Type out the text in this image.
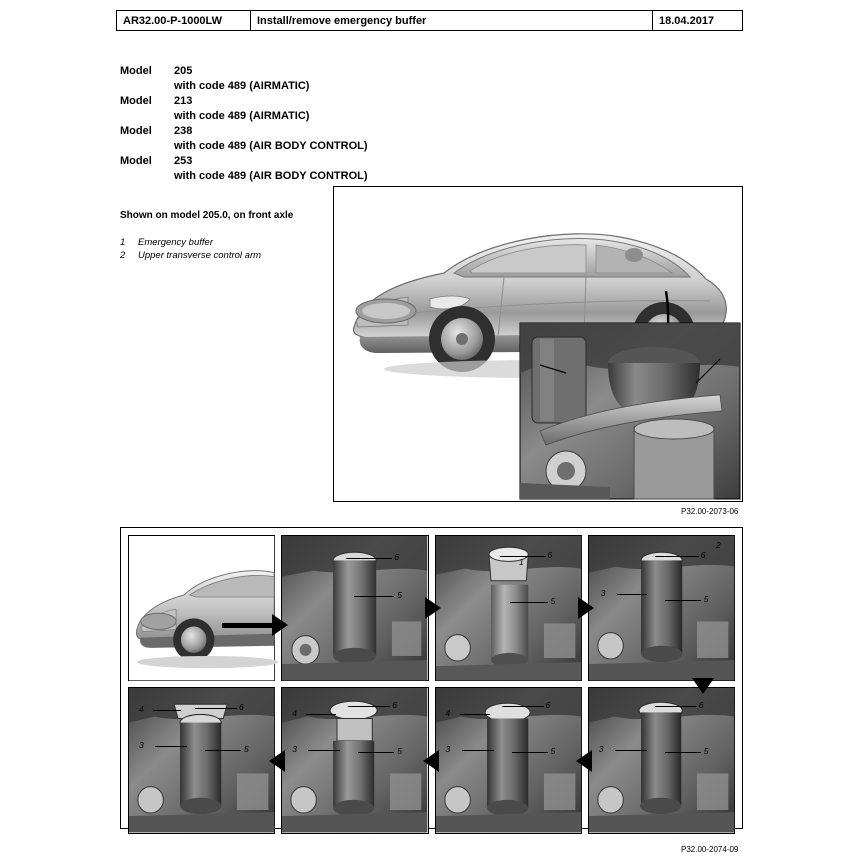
AR32.00-P-1000LW	Install/remove emergency buffer	18.04.2017
Model	205
with code 489 (AIRMATIC)
Model	213
with code 489 (AIRMATIC)
Model	238
with code 489 (AIR BODY CONTROL)
Model	253
with code 489 (AIR BODY CONTROL)
Shown on model 205.0, on front axle
1	Emergency buffer
2	Upper transverse control arm
1
2
P32.00-2073-06
6
5
6
5
6
3
5
4	6
3	5
4
6
3	5
4
6
3	5
6
3	5
P32.00-2074-09
